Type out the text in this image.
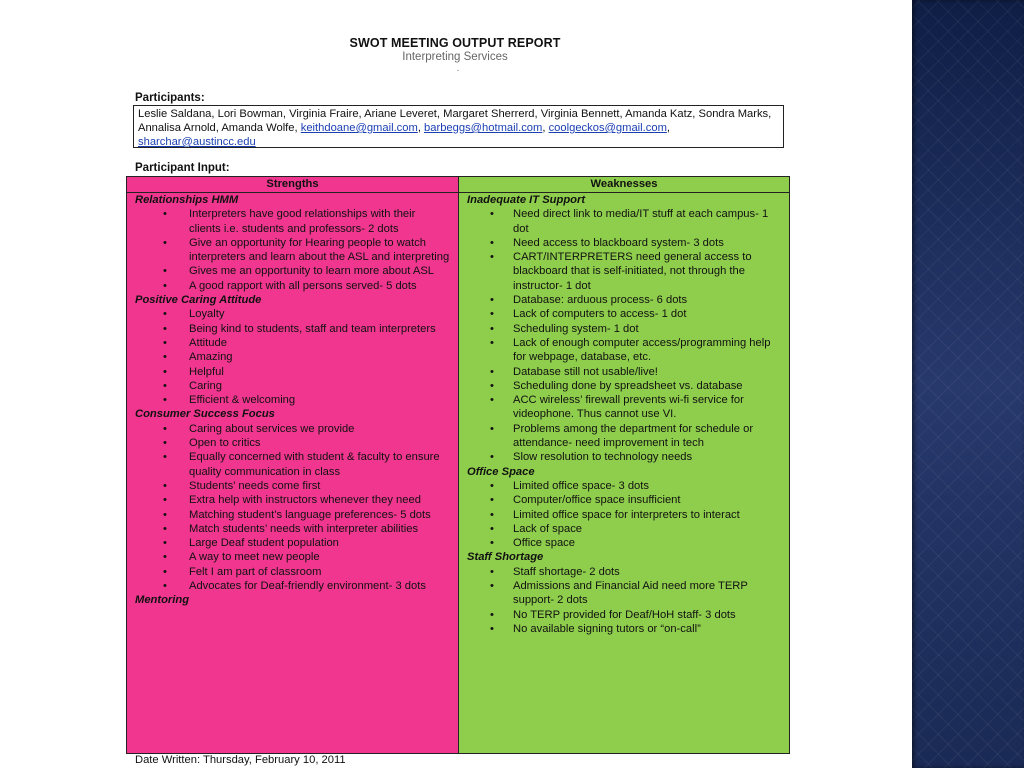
SWOT MEETING OUTPUT REPORT
Interpreting Services
.
Participants:
Leslie Saldana, Lori Bowman, Virginia Fraire, Ariane Leveret, Margaret Sherrerd, Virginia Bennett, Amanda Katz, Sondra Marks, Annalisa Arnold, Amanda Wolfe, keithdoane@gmail.com, barbeggs@hotmail.com, coolgeckos@gmail.com, sharchar@austincc.edu
Participant Input:
Strengths
Relationships HMM
• Interpreters have good relationships with their clients i.e. students and professors- 2 dots
• Give an opportunity for Hearing people to watch interpreters and learn about the ASL and interpreting
• Gives me an opportunity to learn more about ASL
• A good rapport with all persons served- 5 dots
Positive Caring Attitude
• Loyalty
• Being kind to students, staff and team interpreters
• Attitude
• Amazing
• Helpful
• Caring
• Efficient & welcoming
Consumer Success Focus
• Caring about services we provide
• Open to critics
• Equally concerned with student & faculty to ensure quality communication in class
• Students’ needs come first
• Extra help with instructors whenever they need
• Matching student’s language preferences- 5 dots
• Match students’ needs with interpreter abilities
• Large Deaf student population
• A way to meet new people
• Felt I am part of classroom
• Advocates for Deaf-friendly environment- 3 dots
Mentoring
Weaknesses
Inadequate IT Support
• Need direct link to media/IT stuff at each campus- 1 dot
• Need access to blackboard system- 3 dots
• CART/INTERPRETERS need general access to blackboard that is self-initiated, not through the instructor- 1 dot
• Database: arduous process- 6 dots
• Lack of computers to access- 1 dot
• Scheduling system- 1 dot
• Lack of enough computer access/programming help for webpage, database, etc.
• Database still not usable/live!
• Scheduling done by spreadsheet vs. database
• ACC wireless’ firewall prevents wi-fi service for videophone. Thus cannot use VI.
• Problems among the department for schedule or attendance- need improvement in tech
• Slow resolution to technology needs
Office Space
• Limited office space- 3 dots
• Computer/office space insufficient
• Limited office space for interpreters to interact
• Lack of space
• Office space
Staff Shortage
• Staff shortage- 2 dots
• Admissions and Financial Aid need more TERP support- 2 dots
• No TERP provided for Deaf/HoH staff- 3 dots
• No available signing tutors or “on-call”
Date Written: Thursday, February 10, 2011
